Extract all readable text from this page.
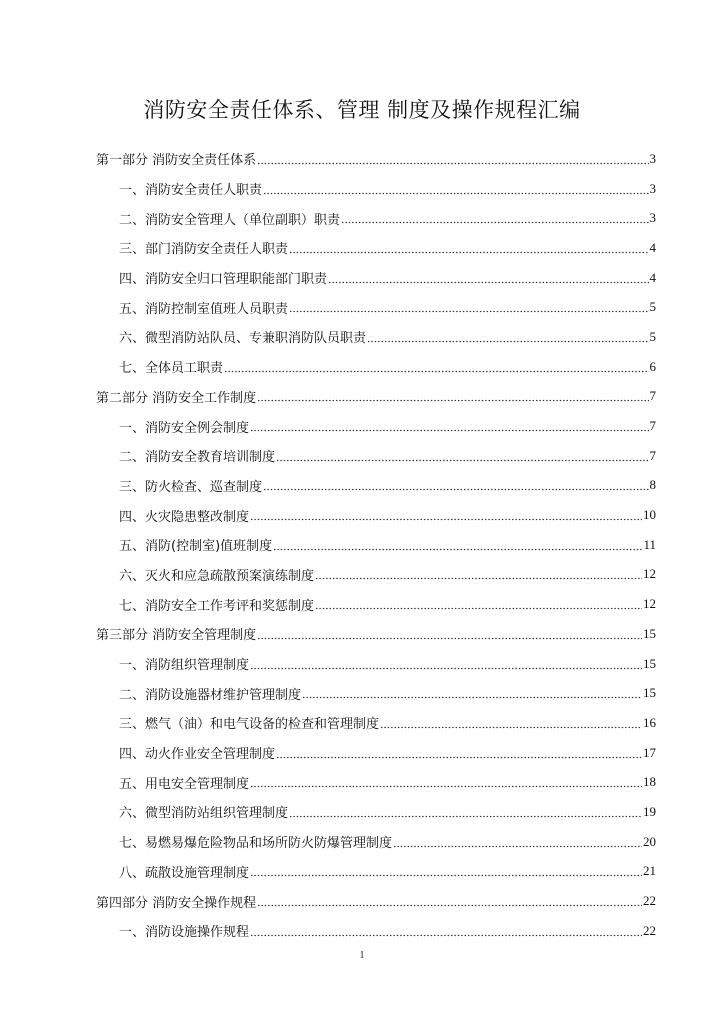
消防安全责任体系、管理 制度及操作规程汇编
第一部分 消防安全责任体系	3
一、消防安全责任人职责	3
二、消防安全管理人（单位副职）职责	3
三、部门消防安全责任人职责	4
四、消防安全归口管理职能部门职责	4
五、消防控制室值班人员职责	5
六、微型消防站队员、专兼职消防队员职责	5
七、全体员工职责	6
第二部分 消防安全工作制度	7
一、消防安全例会制度	7
二、消防安全教育培训制度	7
三、防火检查、巡查制度	8
四、火灾隐患整改制度	10
五、消防(控制室)值班制度	11
六、灭火和应急疏散预案演练制度	12
七、消防安全工作考评和奖惩制度	12
第三部分 消防安全管理制度	15
一、消防组织管理制度	15
二、消防设施器材维护管理制度	15
三、燃气（油）和电气设备的检查和管理制度	16
四、动火作业安全管理制度	17
五、用电安全管理制度	18
六、微型消防站组织管理制度	19
七、易燃易爆危险物品和场所防火防爆管理制度	20
八、疏散设施管理制度	21
第四部分 消防安全操作规程	22
一、消防设施操作规程	22
1
